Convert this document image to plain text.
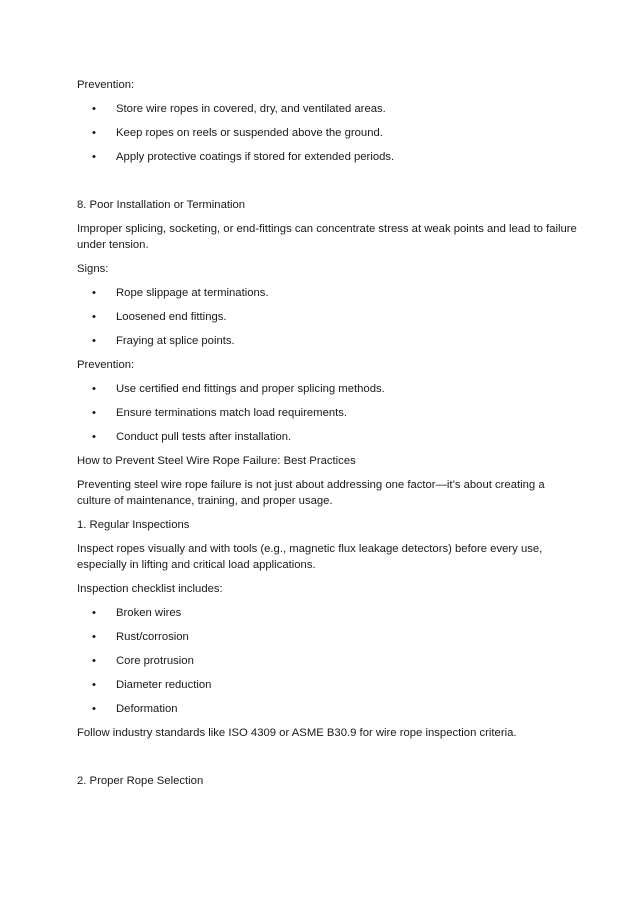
Prevention:
• Store wire ropes in covered, dry, and ventilated areas.
• Keep ropes on reels or suspended above the ground.
• Apply protective coatings if stored for extended periods.
8. Poor Installation or Termination
Improper splicing, socketing, or end-fittings can concentrate stress at weak points and lead to failure
under tension.
Signs:
• Rope slippage at terminations.
• Loosened end fittings.
• Fraying at splice points.
Prevention:
• Use certified end fittings and proper splicing methods.
• Ensure terminations match load requirements.
• Conduct pull tests after installation.
How to Prevent Steel Wire Rope Failure: Best Practices
Preventing steel wire rope failure is not just about addressing one factor—it’s about creating a
culture of maintenance, training, and proper usage.
1. Regular Inspections
Inspect ropes visually and with tools (e.g., magnetic flux leakage detectors) before every use,
especially in lifting and critical load applications.
Inspection checklist includes:
• Broken wires
• Rust/corrosion
• Core protrusion
• Diameter reduction
• Deformation
Follow industry standards like ISO 4309 or ASME B30.9 for wire rope inspection criteria.
2. Proper Rope Selection
